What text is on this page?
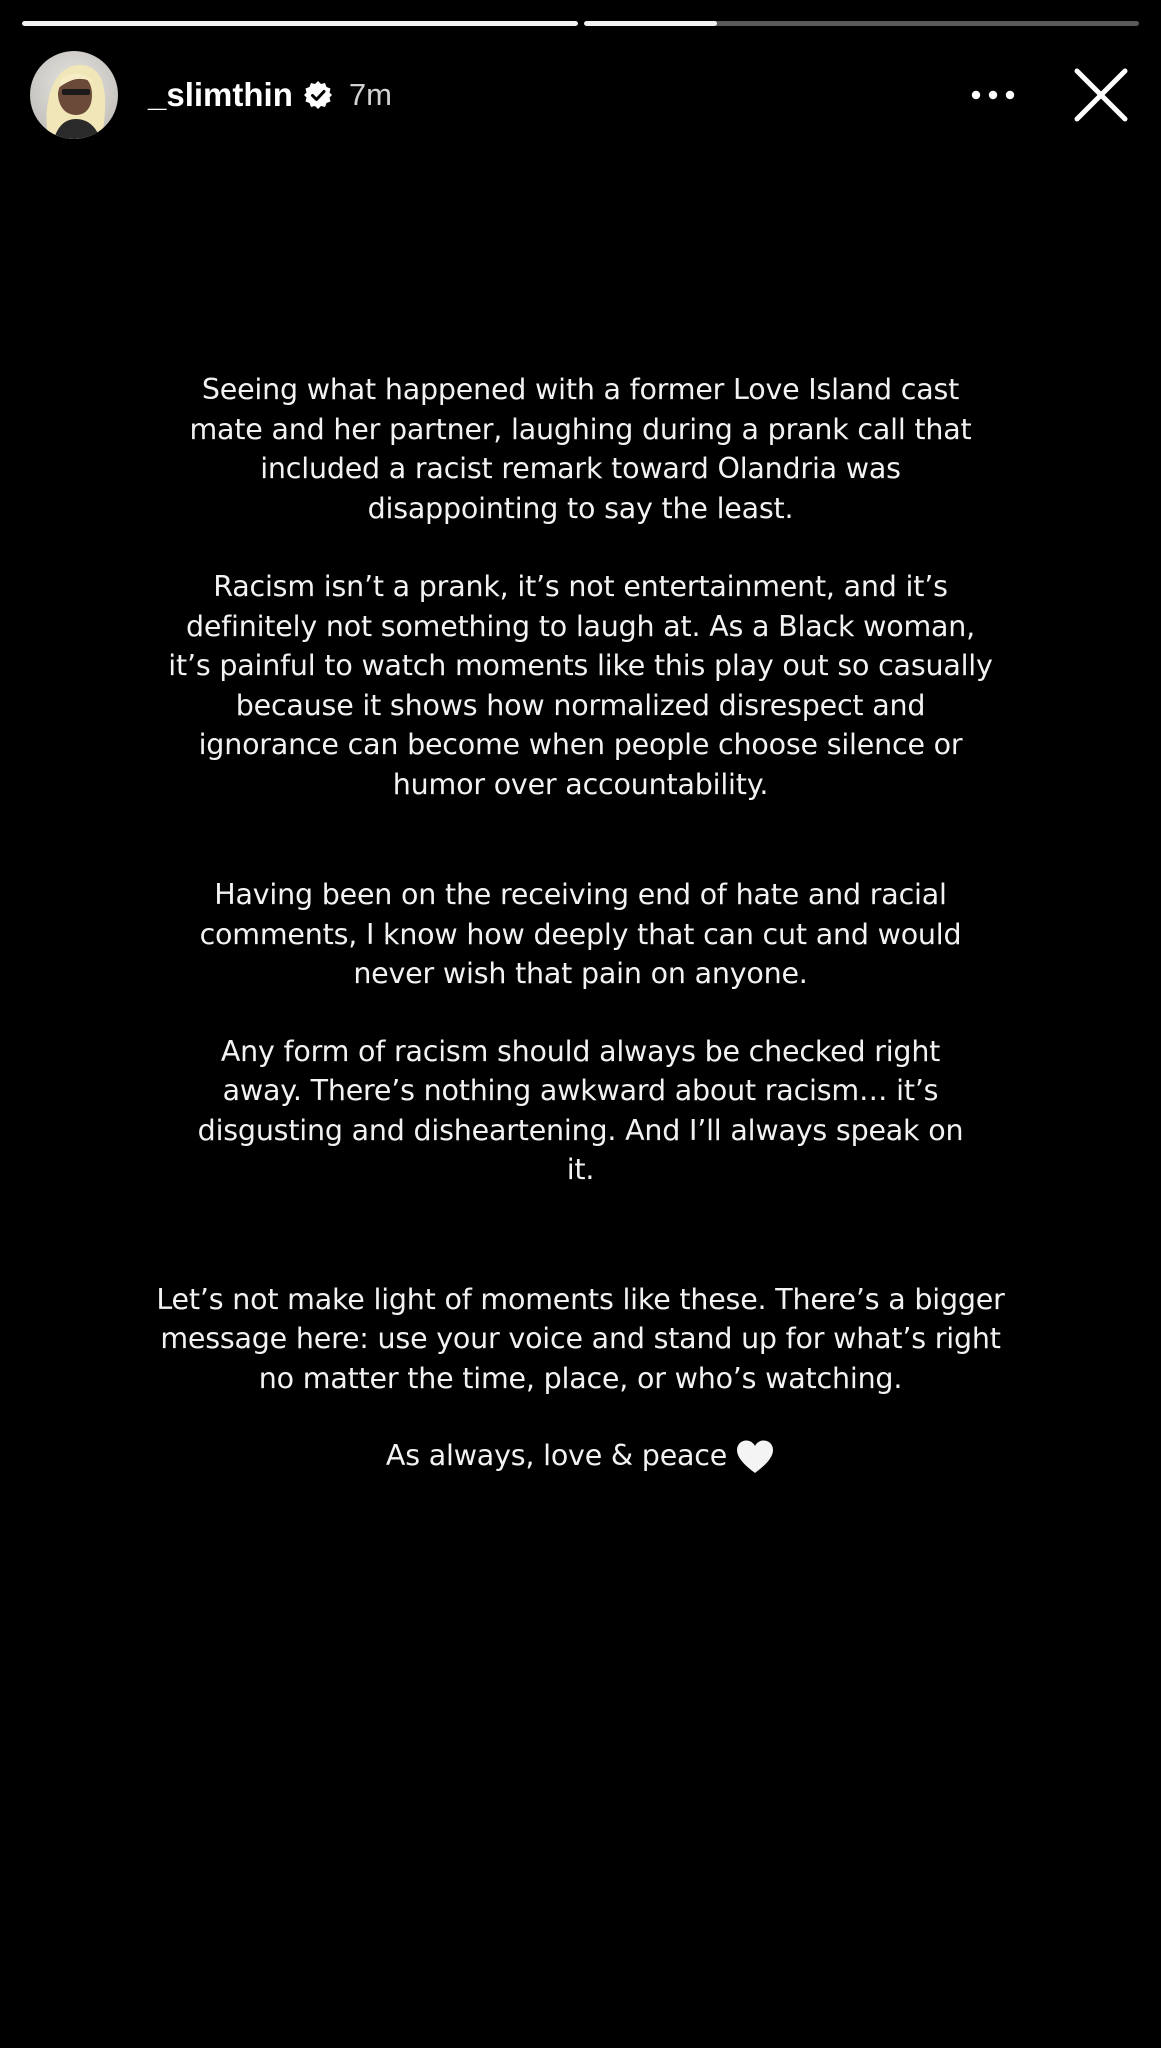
_slimthin 7m

Seeing what happened with a former Love Island cast mate and her partner, laughing during a prank call that included a racist remark toward Olandria was disappointing to say the least.

Racism isn’t a prank, it’s not entertainment, and it’s definitely not something to laugh at. As a Black woman, it’s painful to watch moments like this play out so casually because it shows how normalized disrespect and ignorance can become when people choose silence or humor over accountability.

Having been on the receiving end of hate and racial comments, I know how deeply that can cut and would never wish that pain on anyone.

Any form of racism should always be checked right away. There’s nothing awkward about racism… it’s disgusting and disheartening. And I’ll always speak on it.

Let’s not make light of moments like these. There’s a bigger message here: use your voice and stand up for what’s right no matter the time, place, or who’s watching.

As always, love & peace
